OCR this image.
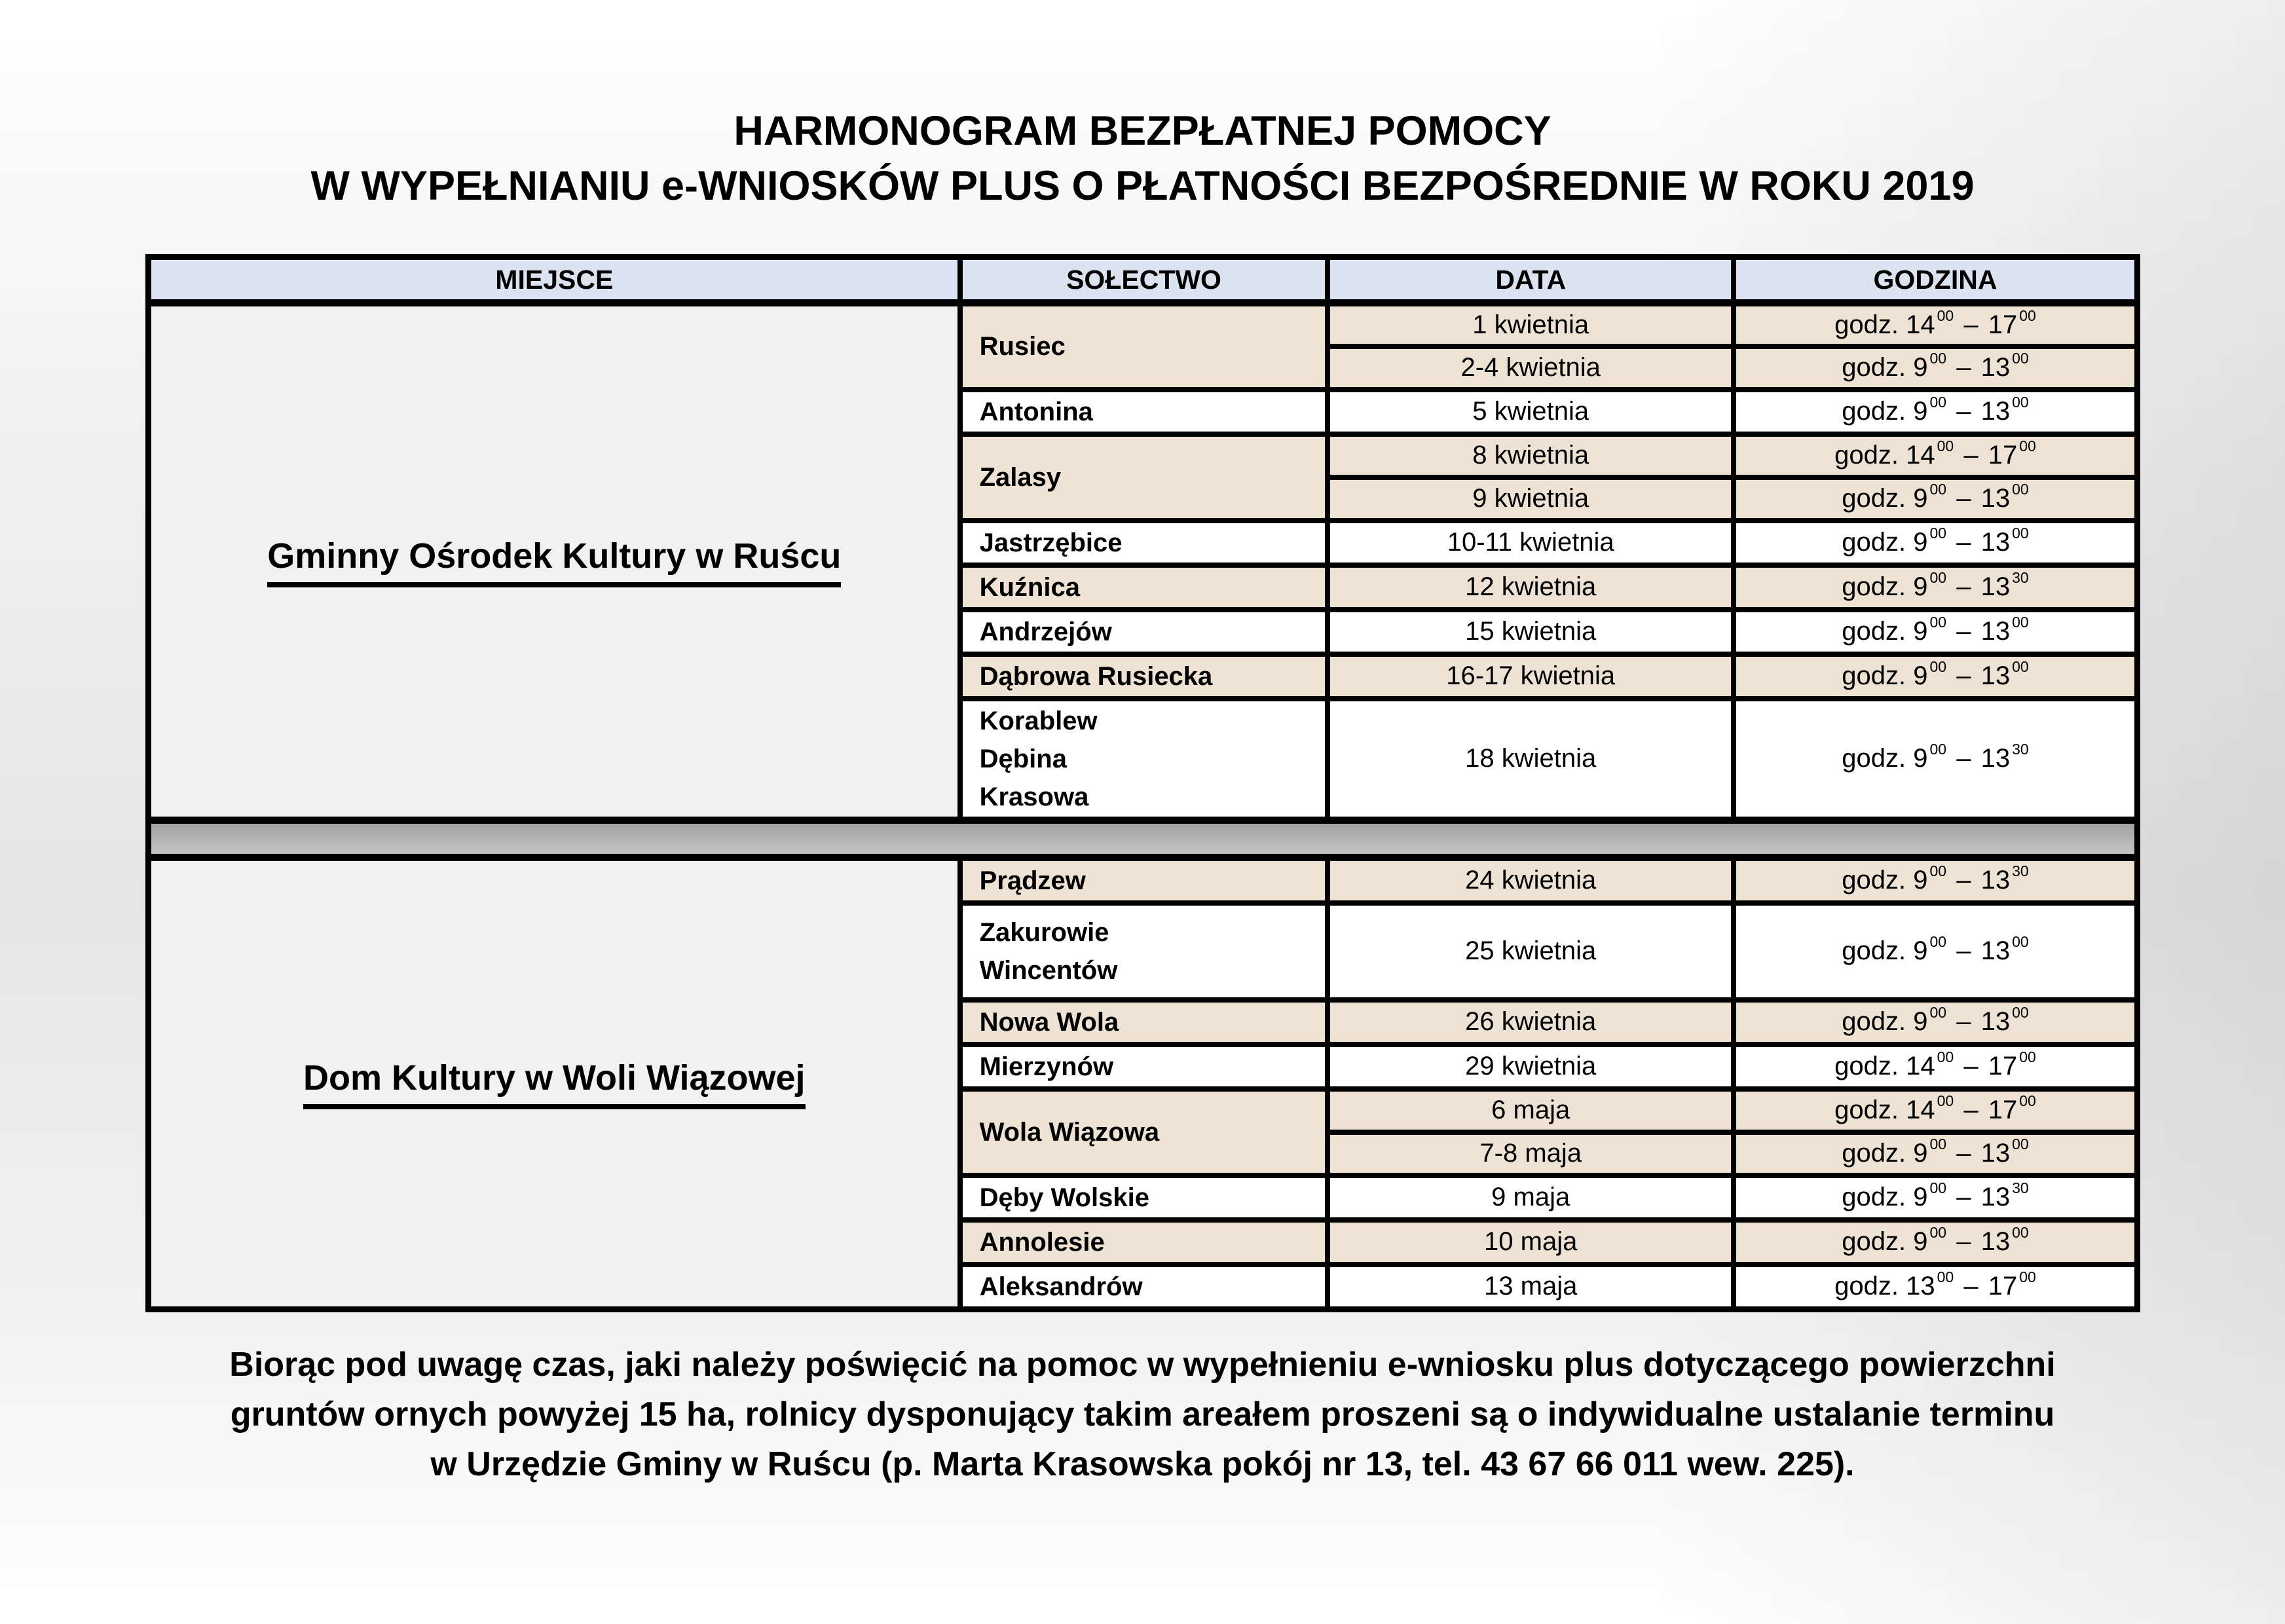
HARMONOGRAM BEZPŁATNEJ POMOCY
W WYPEŁNIANIU e-WNIOSKÓW PLUS O PŁATNOŚCI BEZPOŚREDNIE W ROKU 2019
MIEJSCE	SOŁECTWO	DATA	GODZINA
Gminny Ośrodek Kultury w Ruścu	Rusiec	1 kwietnia	godz. 14 $^{00}$ – 17 $^{00}$
		2-4 kwietnia	godz. 9 $^{00}$ – 13 $^{00}$

	Antonina	5 kwietnia	godz. 9 $^{00}$ – 13 $^{00}$

	Zalasy	8 kwietnia	godz. 14 $^{00}$ – 17 $^{00}$
		9 kwietnia	godz. 9 $^{00}$ – 13 $^{00}$

	Jastrzębice	10-11 kwietnia	godz. 9 $^{00}$ – 13 $^{00}$

	Kuźnica	12 kwietnia	godz. 9 $^{00}$ – 13 $^{30}$

	Andrzejów	15 kwietnia	godz. 9 $^{00}$ – 13 $^{00}$

	Dąbrowa Rusiecka	16-17 kwietnia	godz. 9 $^{00}$ – 13 $^{00}$

	Korablew
Dębina
Krasowa	18 kwietnia	godz. 9 $^{00}$ – 13 $^{30}$

Dom Kultury w Woli Wiązowej	Prądzew	24 kwietnia	godz. 9 $^{00}$ – 13 $^{30}$

	Zakurowie
Wincentów	25 kwietnia	godz. 9 $^{00}$ – 13 $^{00}$

	Nowa Wola	26 kwietnia	godz. 9 $^{00}$ – 13 $^{00}$

	Mierzynów	29 kwietnia	godz. 14 $^{00}$ – 17 $^{00}$

	Wola Wiązowa	6 maja	godz. 14 $^{00}$ – 17 $^{00}$
		7-8 maja	godz. 9 $^{00}$ – 13 $^{00}$

	Dęby Wolskie	9 maja	godz. 9 $^{00}$ – 13 $^{30}$

	Annolesie	10 maja	godz. 9 $^{00}$ – 13 $^{00}$

	Aleksandrów	13 maja	godz. 13 $^{00}$ – 17 $^{00}$
Biorąc pod uwagę czas, jaki należy poświęcić na pomoc w wypełnieniu e-wniosku plus dotyczącego powierzchni
gruntów ornych powyżej 15 ha, rolnicy dysponujący takim areałem proszeni są o indywidualne ustalanie terminu
w Urzędzie Gminy w Ruścu (p. Marta Krasowska pokój nr 13, tel. 43 67 66 011 wew. 225).
